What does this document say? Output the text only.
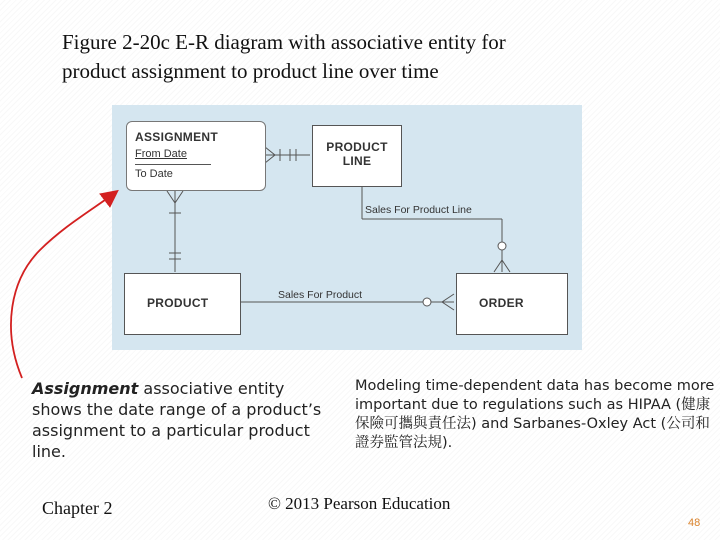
Figure 2-20c E-R diagram with associative entity for
product assignment to product line over time
ASSIGNMENT
From Date
To Date
PRODUCT
LINE
PRODUCT	ORDER
Sales For Product Line
Sales For Product
Assignment associative entity shows the date range of a product’s assignment to a particular product line.
Modeling time-dependent data has become more important due to regulations such as HIPAA (健康保險可攜與責任法) and Sarbanes-Oxley Act (公司和證券監管法規).
Chapter 2	© 2013 Pearson Education
48
